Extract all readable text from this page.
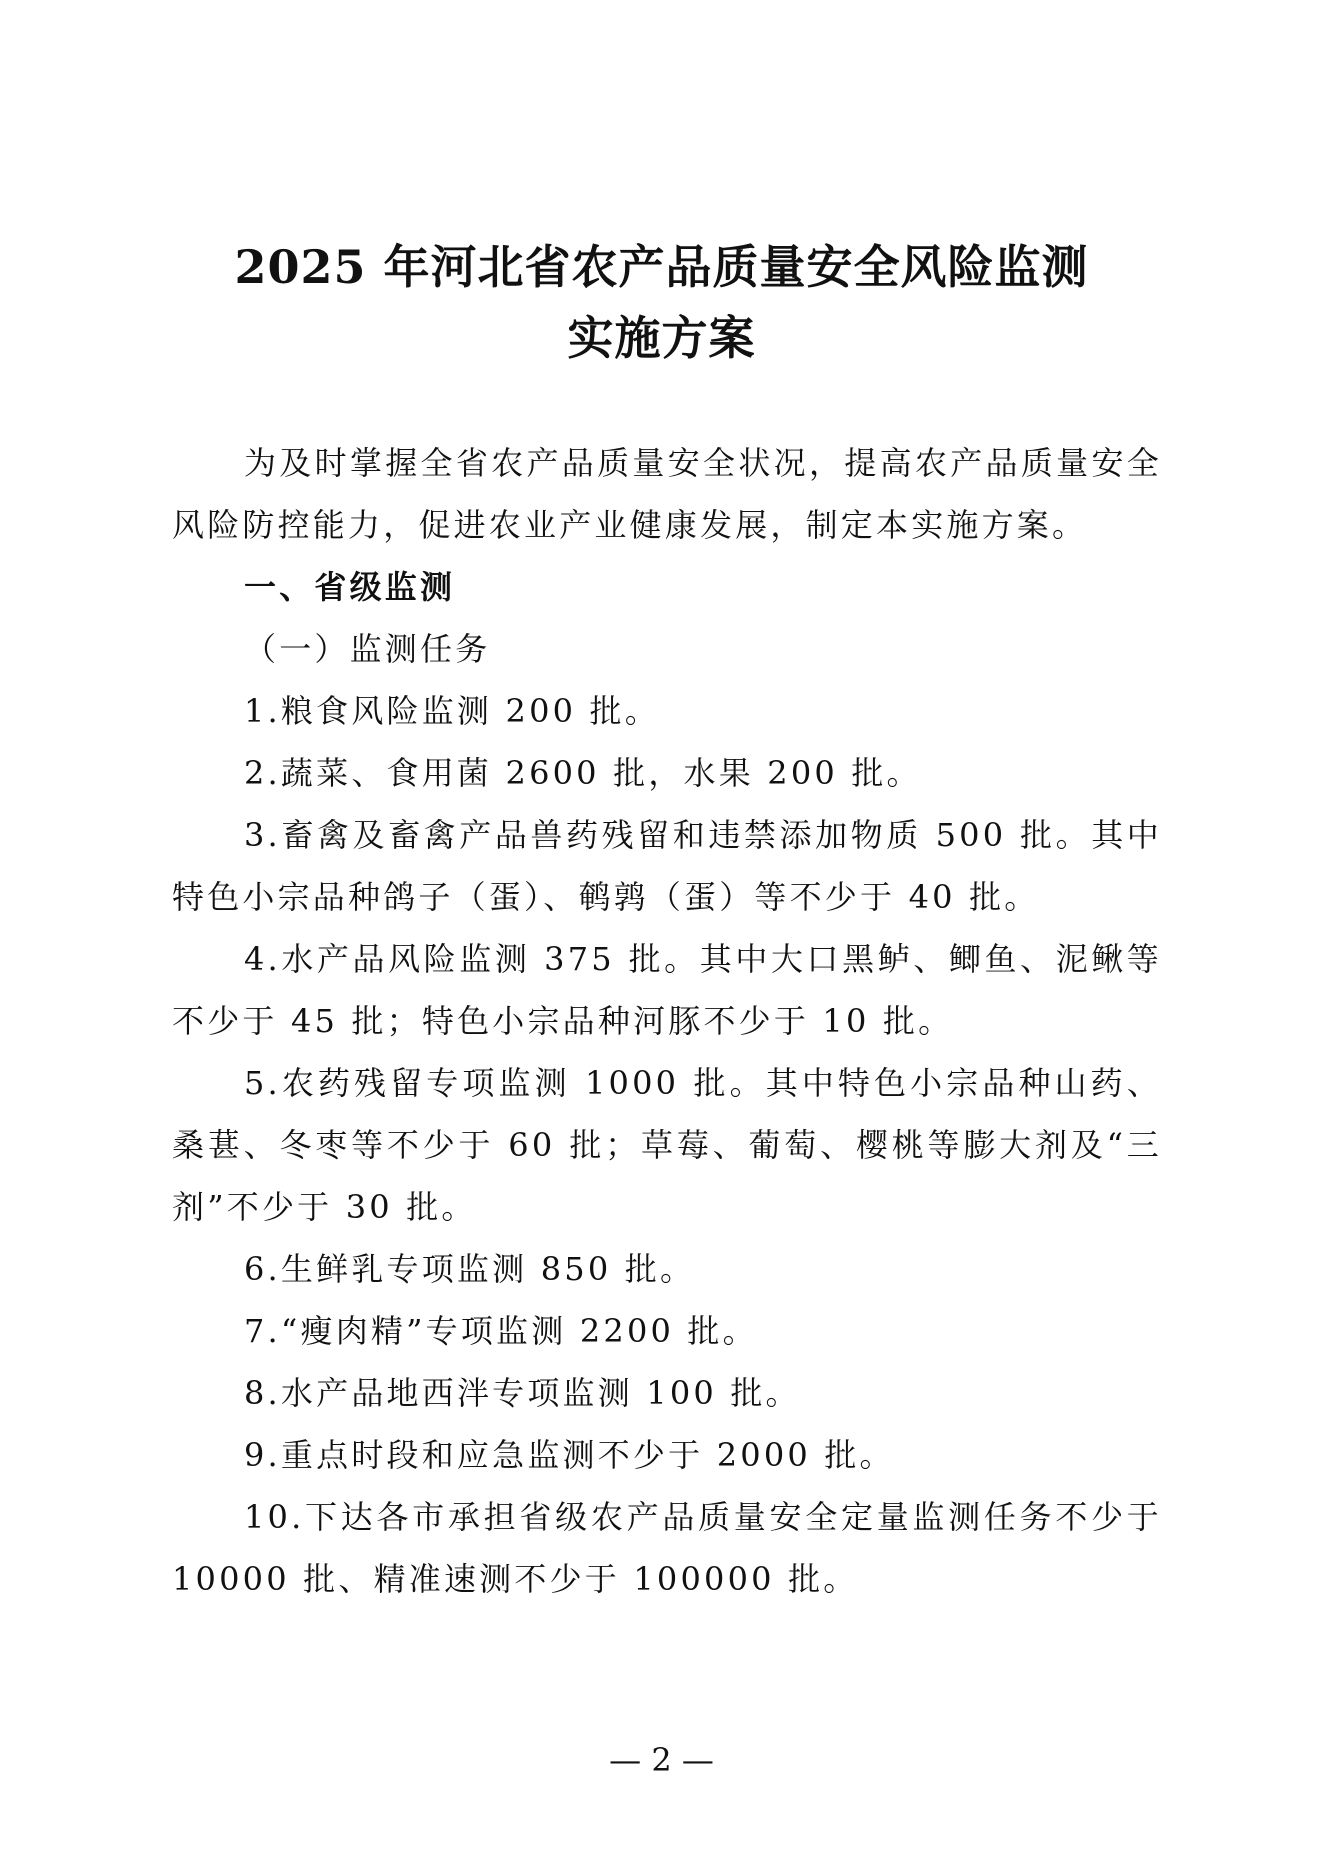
2025 年河北省农产品质量安全风险监测
实施方案

为及时掌握全省农产品质量安全状况，提高农产品质量安全风险防控能力，促进农业产业健康发展，制定本实施方案。

一、省级监测

（一）监测任务

1.粮食风险监测 200 批。

2.蔬菜、食用菌 2600 批，水果 200 批。

3.畜禽及畜禽产品兽药残留和违禁添加物质 500 批。其中特色小宗品种鸽子（蛋）、鹌鹑（蛋）等不少于 40 批。

4.水产品风险监测 375 批。其中大口黑鲈、鲫鱼、泥鳅等不少于 45 批；特色小宗品种河豚不少于 10 批。

5.农药残留专项监测 1000 批。其中特色小宗品种山药、桑葚、冬枣等不少于 60 批；草莓、葡萄、樱桃等膨大剂及“三剂”不少于 30 批。

6.生鲜乳专项监测 850 批。

7.“瘦肉精”专项监测 2200 批。

8.水产品地西泮专项监测 100 批。

9.重点时段和应急监测不少于 2000 批。

10.下达各市承担省级农产品质量安全定量监测任务不少于 10000 批、精准速测不少于 100000 批。

— 2 —
